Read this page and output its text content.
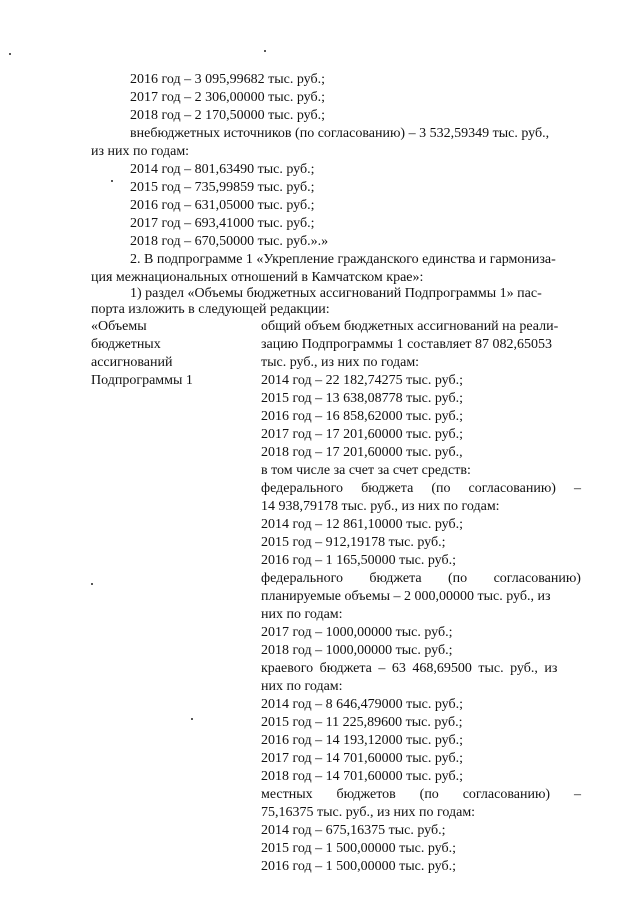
2016 год – 3 095,99682 тыс. руб.;
2017 год – 2 306,00000 тыс. руб.;
2018 год – 2 170,50000 тыс. руб.;
внебюджетных источников (по согласованию) – 3 532,59349 тыс. руб.,
из них по годам:
2014 год – 801,63490 тыс. руб.;
2015 год – 735,99859 тыс. руб.;
2016 год – 631,05000 тыс. руб.;
2017 год – 693,41000 тыс. руб.;
2018 год – 670,50000 тыс. руб.».»
2. В подпрограмме 1 «Укрепление гражданского единства и гармониза-
ция межнациональных отношений в Камчатском крае»:
1) раздел «Объемы бюджетных ассигнований Подпрограммы 1» пас-
порта изложить в следующей редакции:
«Объемы
бюджетных
ассигнований
Подпрограммы 1
общий объем бюджетных ассигнований на реали-
зацию Подпрограммы 1 составляет 87 082,65053
тыс. руб., из них по годам:
2014 год – 22 182,74275 тыс. руб.;
2015 год – 13 638,08778 тыс. руб.;
2016 год – 16 858,62000 тыс. руб.;
2017 год – 17 201,60000 тыс. руб.;
2018 год – 17 201,60000 тыс. руб.,
в том числе за счет за счет средств:
федерального бюджета (по согласованию) –
14 938,79178 тыс. руб., из них по годам:
2014 год – 12 861,10000 тыс. руб.;
2015 год – 912,19178 тыс. руб.;
2016 год – 1 165,50000 тыс. руб.;
федерального бюджета (по согласованию)
планируемые объемы – 2 000,00000 тыс. руб., из
них по годам:
2017 год – 1000,00000 тыс. руб.;
2018 год – 1000,00000 тыс. руб.;
краевого бюджета – 63 468,69500 тыс. руб., из
них по годам:
2014 год – 8 646,479000 тыс. руб.;
2015 год – 11 225,89600 тыс. руб.;
2016 год – 14 193,12000 тыс. руб.;
2017 год – 14 701,60000 тыс. руб.;
2018 год – 14 701,60000 тыс. руб.;
местных бюджетов (по согласованию) –
75,16375 тыс. руб., из них по годам:
2014 год – 675,16375 тыс. руб.;
2015 год – 1 500,00000 тыс. руб.;
2016 год – 1 500,00000 тыс. руб.;
